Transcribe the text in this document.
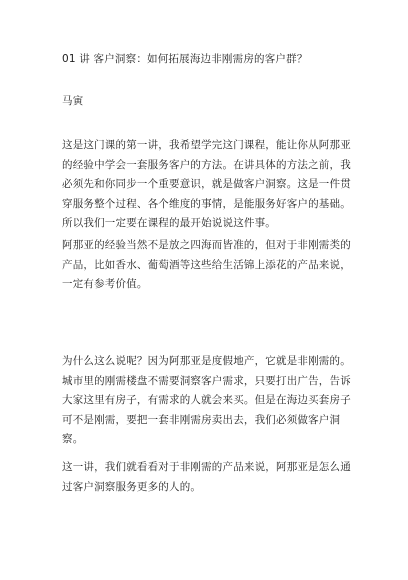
01 讲 客户洞察：如何拓展海边非刚需房的客户群？

马寅

这是这门课的第一讲，我希望学完这门课程，能让你从阿那亚的经验中学会一套服务客户的方法。在讲具体的方法之前，我必须先和你同步一个重要意识，就是做客户洞察。这是一件贯穿服务整个过程、各个维度的事情，是能服务好客户的基础。所以我们一定要在课程的最开始说说这件事。

阿那亚的经验当然不是放之四海而皆准的，但对于非刚需类的产品，比如香水、葡萄酒等这些给生活锦上添花的产品来说，一定有参考价值。

为什么这么说呢？因为阿那亚是度假地产，它就是非刚需的。城市里的刚需楼盘不需要洞察客户需求，只要打出广告，告诉大家这里有房子，有需求的人就会来买。但是在海边买套房子可不是刚需，要把一套非刚需房卖出去，我们必须做客户洞察。

这一讲，我们就看看对于非刚需的产品来说，阿那亚是怎么通过客户洞察服务更多的人的。
